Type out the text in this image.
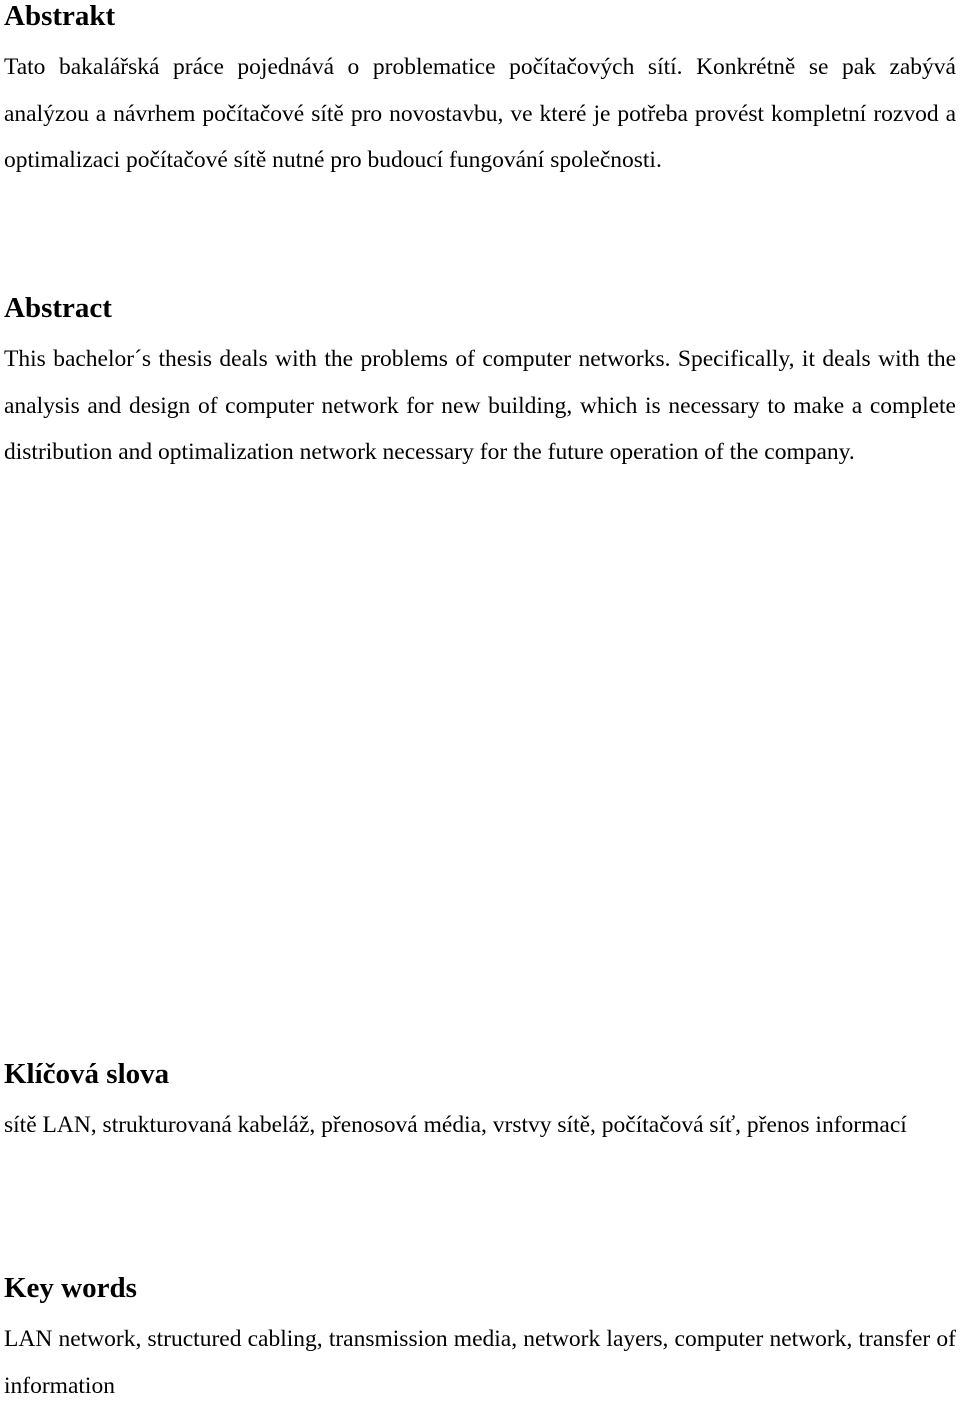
Abstrakt

Tato bakalářská práce pojednává o problematice počítačových sítí. Konkrétně se pak zabývá analýzou a návrhem počítačové sítě pro novostavbu, ve které je potřeba provést kompletní rozvod a optimalizaci počítačové sítě nutné pro budoucí fungování společnosti.

Abstract

This bachelor´s thesis deals with the problems of computer networks. Specifically, it deals with the analysis and design of computer network for new building, which is necessary to make a complete distribution and optimalization network necessary for the future operation of the company.

Klíčová slova

sítě LAN, strukturovaná kabeláž, přenosová média, vrstvy sítě, počítačová síť, přenos informací

Key words

LAN network, structured cabling, transmission media, network layers, computer network, transfer of information
